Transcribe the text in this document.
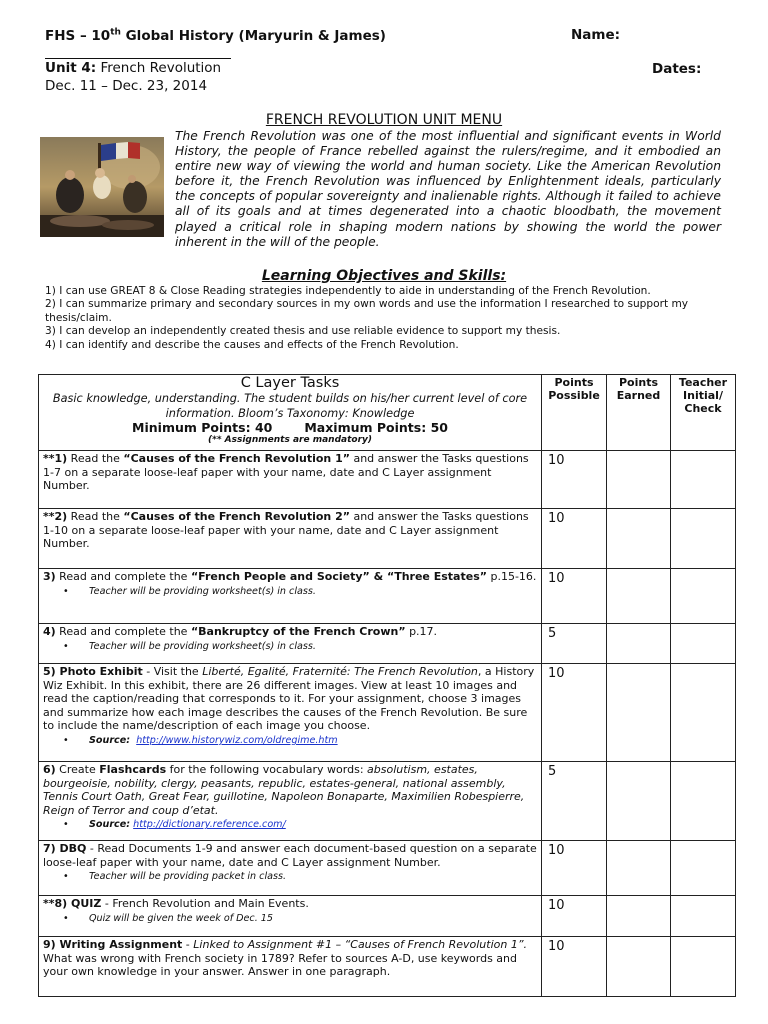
FHS – 10th Global History (Maryurin & James)	Name:
Unit 4: French Revolution	Dates:
Dec. 11 – Dec. 23, 2014
FRENCH REVOLUTION UNIT MENU
The French Revolution was one of the most influential and significant events in World History, the people of France rebelled against the rulers/regime, and it embodied an entire new way of viewing the world and human society. Like the American Revolution before it, the French Revolution was influenced by Enlightenment ideals, particularly the concepts of popular sovereignty and inalienable rights. Although it failed to achieve all of its goals and at times degenerated into a chaotic bloodbath, the movement played a critical role in shaping modern nations by showing the world the power inherent in the will of the people.
Learning Objectives and Skills:
1) I can use GREAT 8 & Close Reading strategies independently to aide in understanding of the French Revolution.
2) I can summarize primary and secondary sources in my own words and use the information I researched to support my thesis/claim.
3) I can develop an independently created thesis and use reliable evidence to support my thesis.
4) I can identify and describe the causes and effects of the French Revolution.
C Layer Tasks
Basic knowledge, understanding. The student builds on his/her current level of core information. Bloom’s Taxonomy: Knowledge
Minimum Points: 40 Maximum Points: 50
(** Assignments are mandatory)	Points Possible	Points Earned	Teacher Initial/ Check
**1) Read the “Causes of the French Revolution 1” and answer the Tasks questions 1-7 on a separate loose-leaf paper with your name, date and C Layer assignment Number.	10		
**2) Read the “Causes of the French Revolution 2” and answer the Tasks questions 1-10 on a separate loose-leaf paper with your name, date and C Layer assignment Number.	10		
3) Read and complete the “French People and Society” & “Three Estates” p.15-16.
• Teacher will be providing worksheet(s) in class.	10		
4) Read and complete the “Bankruptcy of the French Crown” p.17.
• Teacher will be providing worksheet(s) in class.	5		
5) Photo Exhibit - Visit the Liberté, Egalité, Fraternité: The French Revolution, a History Wiz Exhibit. In this exhibit, there are 26 different images. View at least 10 images and read the caption/reading that corresponds to it. For your assignment, choose 3 images and summarize how each image describes the causes of the French Revolution. Be sure to include the name/description of each image you choose.
• Source: http://www.historywiz.com/oldregime.htm	10		
6) Create Flashcards for the following vocabulary words: absolutism, estates, bourgeoisie, nobility, clergy, peasants, republic, estates-general, national assembly, Tennis Court Oath, Great Fear, guillotine, Napoleon Bonaparte, Maximilien Robespierre, Reign of Terror and coup d’etat.
• Source: http://dictionary.reference.com/	5		
7) DBQ - Read Documents 1-9 and answer each document-based question on a separate loose-leaf paper with your name, date and C Layer assignment Number.
• Teacher will be providing packet in class.	10		
**8) QUIZ - French Revolution and Main Events.
• Quiz will be given the week of Dec. 15	10		
9) Writing Assignment - Linked to Assignment #1 – “Causes of French Revolution 1”.
What was wrong with French society in 1789? Refer to sources A-D, use keywords and your own knowledge in your answer. Answer in one paragraph.	10		
